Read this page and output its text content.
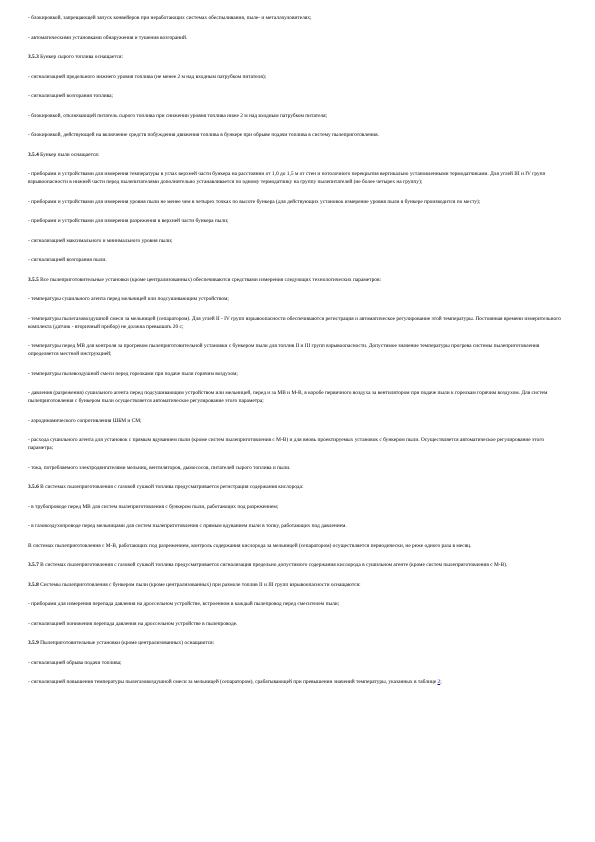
- блокировкой, запрещающей запуск конвейеров при неработающих системах обеспыливания, пыле- и металлоуловителях;

- автоматическими установками обнаружения и тушения возгораний.

3.5.3 Бункер сырого топлива оснащается:

- сигнализацией предельного нижнего уровня топлива (не менее 2 м над входным патрубком питателя);

- сигнализацией возгорания топлива;

- блокировкой, отключающей питатель сырого топлива при снижении уровня топлива ниже 2 м над входным патрубком питателя;

- блокировкой, действующей на включение средств побуждения движения топлива в бункере при обрыве подачи топлива в систему пылеприготовления.

3.5.4 Бункер пыли оснащается:

- приборами и устройствами для измерения температуры в углах верхней части бункера на расстоянии от 1,0 до 1,5 м от стен и потолочного перекрытия вертикально установленными термодатчиками. Для углей III и IV групп взрывоопасности в нижней части перед пылепитателями дополнительно устанавливается по одному термодатчику на группу пылепитателей (не более четырех на группу);

- приборами и устройствами для измерения уровня пыли не менее чем в четырех точках по высоте бункера (для действующих установок измерение уровня пыли в бункере производится по месту);

- приборами и устройствами для измерения разрежения в верхней части бункера пыли;

- сигнализацией максимального и минимального уровня пыли;

- сигнализацией возгорания пыли.

3.5.5 Все пылеприготовительные установки (кроме централизованных) обеспечиваются средствами измерения следующих технологических параметров:

- температуры сушильного агента перед мельницей или подсушивающим устройством;

- температуры пылегазовоздушной смеси за мельницей (сепаратором). Для углей II - IV групп взрывоопасности обеспечиваются регистрация и автоматическое регулирование этой температуры. Постоянная времени измерительного комплекта (датчик - вторичный прибор) не должна превышать 20 с;

- температуры перед МВ для контроля за прогревом пылеприготовительной установки с бункером пыли для топлив II и III групп взрывоопасности. Допустимое значение температуры прогрева системы пылеприготовления определяется местной инструкцией;

- температуры пылевоздушной смеси перед горелками при подаче пыли горячим воздухом;

- давления (разрежения) сушильного агента перед подсушивающим устройством или мельницей, перед и за МВ и М-В, в коробе первичного воздуха за вентилятором при подаче пыли к горелкам горячим воздухом. Для систем пылеприготовления с бункером пыли осуществляется автоматическое регулирование этого параметра;

- аэродинамического сопротивления ШБМ и СМ;

- расхода сушильного агента для установок с прямым вдуванием пыли (кроме систем пылеприготовления с М-В) и для вновь проектируемых установок с бункером пыли. Осуществляется автоматическое регулирование этого параметра;

- тока, потребляемого электродвигателями мельниц, вентиляторов, дымососов, питателей сырого топлива и пыли.

3.5.6 В системах пылеприготовления с газовой сушкой топлива предусматривается регистрация содержания кислорода:

- в трубопроводе перед МВ для систем пылеприготовления с бункером пыли, работающих под разрежением;

- в газовоздухопроводе перед мельницами для систем пылеприготовления с прямым вдуванием пыли в топку, работающих под давлением.

В системах пылеприготовления с М-В, работающих под разрежением, контроль содержания кислорода за мельницей (сепаратором) осуществляется периодически, не реже одного раза в месяц.

3.5.7 В системах пылеприготовления с газовой сушкой топлива предусматривается сигнализация предельно допустимого содержания кислорода в сушильном агенте (кроме систем пылеприготовления с М-В).

3.5.8 Системы пылеприготовления с бункером пыли (кроме централизованных) при размоле топлив II и III групп взрывоопасности оснащаются:

- приборами для измерения перепада давления на дроссельном устройстве, встроенном в каждый пылепровод перед смесителем пыли;

- сигнализацией понижения перепада давления на дроссельном устройстве в пылепроводе.

3.5.9 Пылеприготовительные установки (кроме централизованных) оснащаются:

- сигнализацией обрыва подачи топлива;

- сигнализацией повышения температуры пылегазовоздушной смеси за мельницей (сепаратором), срабатывающей при превышении значений температуры, указанных в таблице 2;
